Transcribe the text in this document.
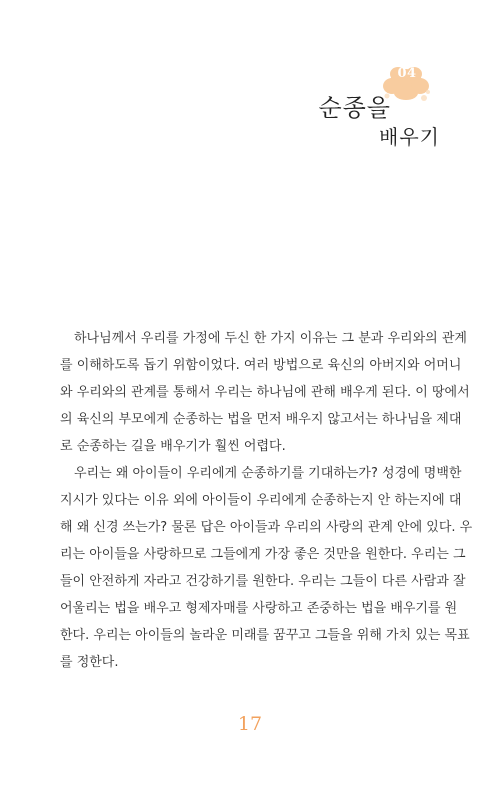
04
순종을
배우기
하나님께서 우리를 가정에 두신 한 가지 이유는 그 분과 우리와의 관계
를 이해하도록 돕기 위함이었다. 여러 방법으로 육신의 아버지와 어머니
와 우리와의 관계를 통해서 우리는 하나님에 관해 배우게 된다. 이 땅에서
의 육신의 부모에게 순종하는 법을 먼저 배우지 않고서는 하나님을 제대
로 순종하는 길을 배우기가 훨씬 어렵다.
우리는 왜 아이들이 우리에게 순종하기를 기대하는가? 성경에 명백한
지시가 있다는 이유 외에 아이들이 우리에게 순종하는지 안 하는지에 대
해 왜 신경 쓰는가? 물론 답은 아이들과 우리의 사랑의 관계 안에 있다. 우
리는 아이들을 사랑하므로 그들에게 가장 좋은 것만을 원한다. 우리는 그
들이 안전하게 자라고 건강하기를 원한다. 우리는 그들이 다른 사람과 잘
어울리는 법을 배우고 형제자매를 사랑하고 존중하는 법을 배우기를 원
한다. 우리는 아이들의 놀라운 미래를 꿈꾸고 그들을 위해 가치 있는 목표
를 정한다.
17
